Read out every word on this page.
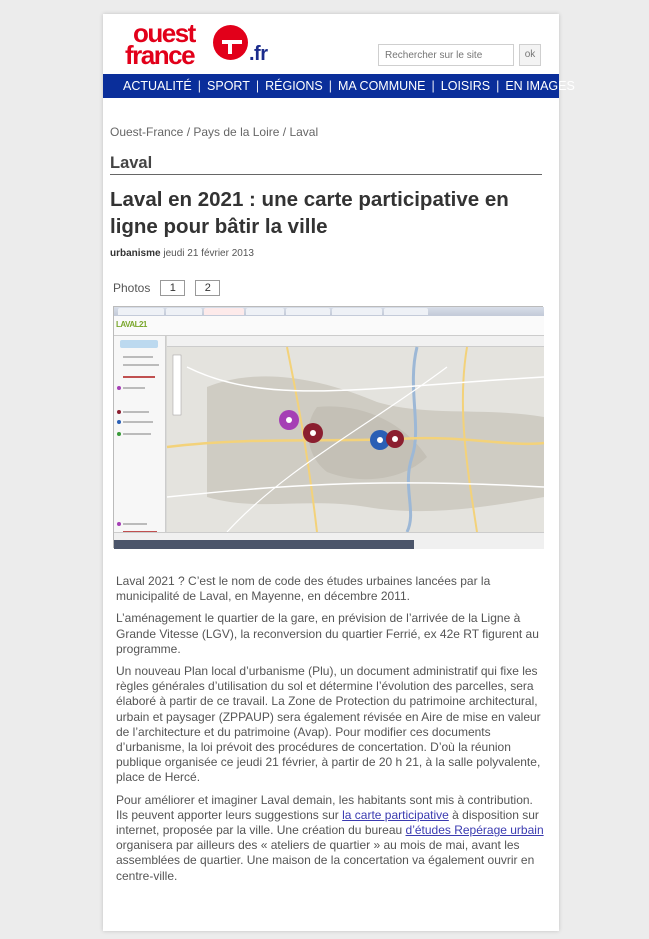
ouest
france	.fr
Rechercher sur le site	ok
ACTUALITÉ | SPORT | RÉGIONS | MA COMMUNE | LOISIRS | EN IMAGES
Ouest-France / Pays de la Loire / Laval
Laval
Laval en 2021 : une carte participative en ligne pour bâtir la ville
urbanisme jeudi 21 février 2013
Photos	1	2
LAVAL21

Laval 2021 ? C’est le nom de code des études urbaines lancées par la municipalité de Laval, en Mayenne, en décembre 2011.

L’aménagement le quartier de la gare, en prévision de l’arrivée de la Ligne à Grande Vitesse (LGV), la reconversion du quartier Ferrié, ex 42e RT figurent au programme.

Un nouveau Plan local d’urbanisme (Plu), un document administratif qui fixe les règles générales d’utilisation du sol et détermine l’évolution des parcelles, sera élaboré à partir de ce travail. La Zone de Protection du patrimoine architectural, urbain et paysager (ZPPAUP) sera également révisée en Aire de mise en valeur de l’architecture et du patrimoine (Avap). Pour modifier ces documents d’urbanisme, la loi prévoit des procédures de concertation. D’où la réunion publique organisée ce jeudi 21 février, à partir de 20 h 21, à la salle polyvalente, place de Hercé.

Pour améliorer et imaginer Laval demain, les habitants sont mis à contribution. Ils peuvent apporter leurs suggestions sur la carte participative à disposition sur internet, proposée par la ville. Une création du bureau d’études Repérage urbain organisera par ailleurs des « ateliers de quartier » au mois de mai, avant les assemblées de quartier. Une maison de la concertation va également ouvrir en centre-ville.
